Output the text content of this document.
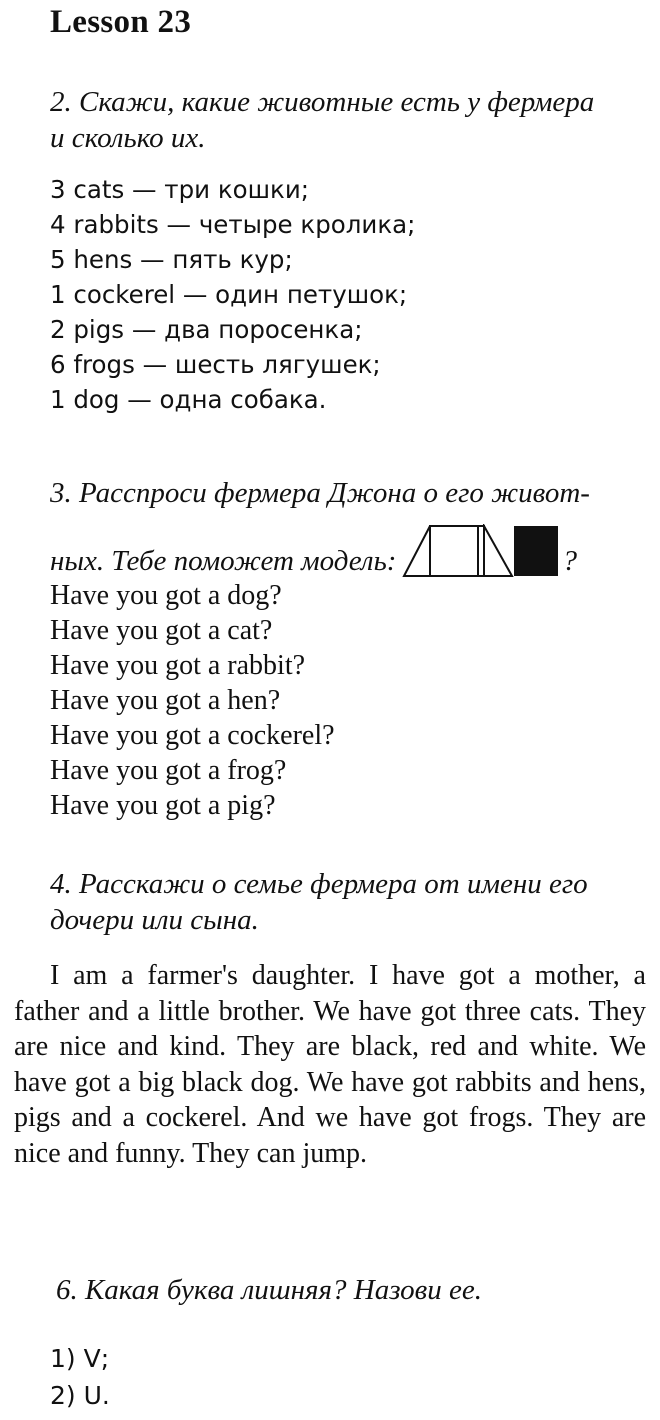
Lesson 23
2. Скажи, какие животные есть у фермера
и сколько их.
3 cats — три кошки;
4 rabbits — четыре кролика;
5 hens — пять кур;
1 cockerel — один петушок;
2 pigs — два поросенка;
6 frogs — шесть лягушек;
1 dog — одна собака.
3. Расспроси фермера Джона о его живот-
ных. Тебе поможет модель:	?
Have you got a dog?
Have you got a cat?
Have you got a rabbit?
Have you got a hen?
Have you got a cockerel?
Have you got a frog?
Have you got a pig?
4. Расскажи о семье фермера от имени его
дочери или сына.
I am a farmer's daughter. I have got a mother, a father and a little brother. We have got three cats. They are nice and kind. They are black, red and white. We have got a big black dog. We have got rabbits and hens, pigs and a cockerel. And we have got frogs. They are nice and funny. They can jump.
6. Какая буква лишняя? Назови ее.
1) V;
2) U.
